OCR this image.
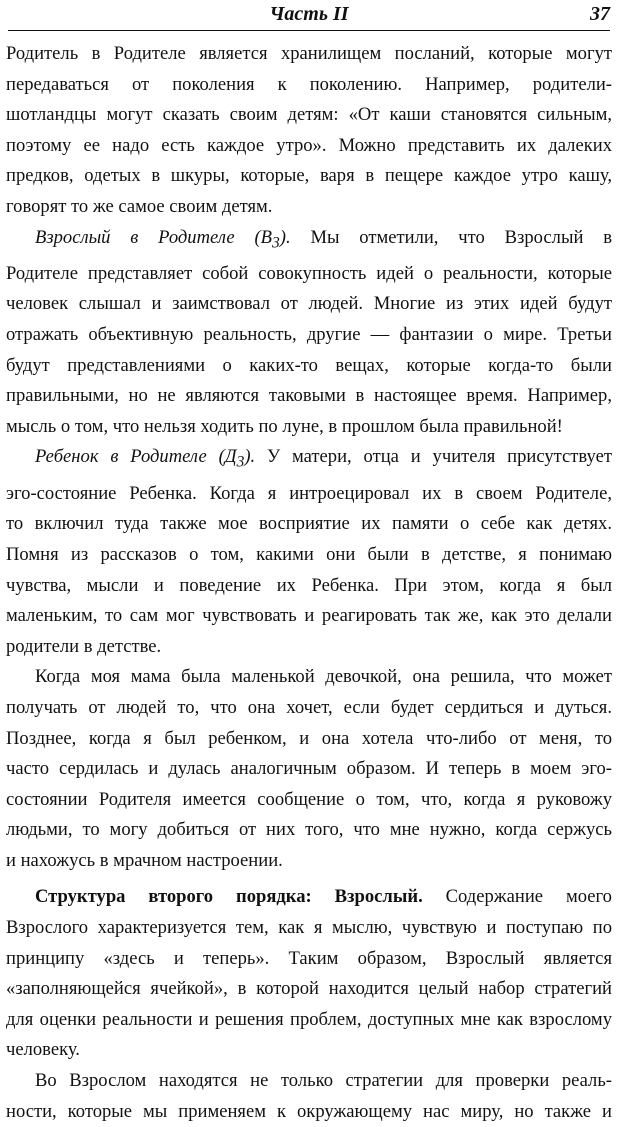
Часть II	37

Родитель в Родителе является хранилищем посланий, которые могут
передаваться от поколения к поколению. Например, родители-
шотландцы могут сказать своим детям: «От каши становятся сильным,
поэтому ее надо есть каждое утро». Можно представить их далеких
предков, одетых в шкуры, которые, варя в пещере каждое утро кашу,
говорят то же самое своим детям.

Взрослый в Родителе $(В_3)$. Мы отметили, что Взрослый в
Родителе представляет собой совокупность идей о реальности, которые
человек слышал и заимствовал от людей. Многие из этих идей будут
отражать объективную реальность, другие — фантазии о мире. Третьи
будут представлениями о каких-то вещах, которые когда-то были
правильными, но не являются таковыми в настоящее время. Например,
мысль о том, что нельзя ходить по луне, в прошлом была правильной!

Ребенок в Родителе $(Д_3)$. У матери, отца и учителя присутствует
эго-состояние Ребенка. Когда я интроецировал их в своем Родителе,
то включил туда также мое восприятие их памяти о себе как детях.
Помня из рассказов о том, какими они были в детстве, я понимаю
чувства, мысли и поведение их Ребенка. При этом, когда я был
маленьким, то сам мог чувствовать и реагировать так же, как это делали
родители в детстве.

Когда моя мама была маленькой девочкой, она решила, что может
получать от людей то, что она хочет, если будет сердиться и дуться.
Позднее, когда я был ребенком, и она хотела что-либо от меня, то
часто сердилась и дулась аналогичным образом. И теперь в моем эго-
состоянии Родителя имеется сообщение о том, что, когда я руковожу
людьми, то могу добиться от них того, что мне нужно, когда сержусь
и нахожусь в мрачном настроении.

Структура второго порядка: Взрослый. Содержание моего
Взрослого характеризуется тем, как я мыслю, чувствую и поступаю по
принципу «здесь и теперь». Таким образом, Взрослый является
«заполняющейся ячейкой», в которой находится целый набор стратегий
для оценки реальности и решения проблем, доступных мне как взрослому
человеку.

Во Взрослом находятся не только стратегии для проверки реаль-
ности, которые мы применяем к окружающему нас миру, но также и
